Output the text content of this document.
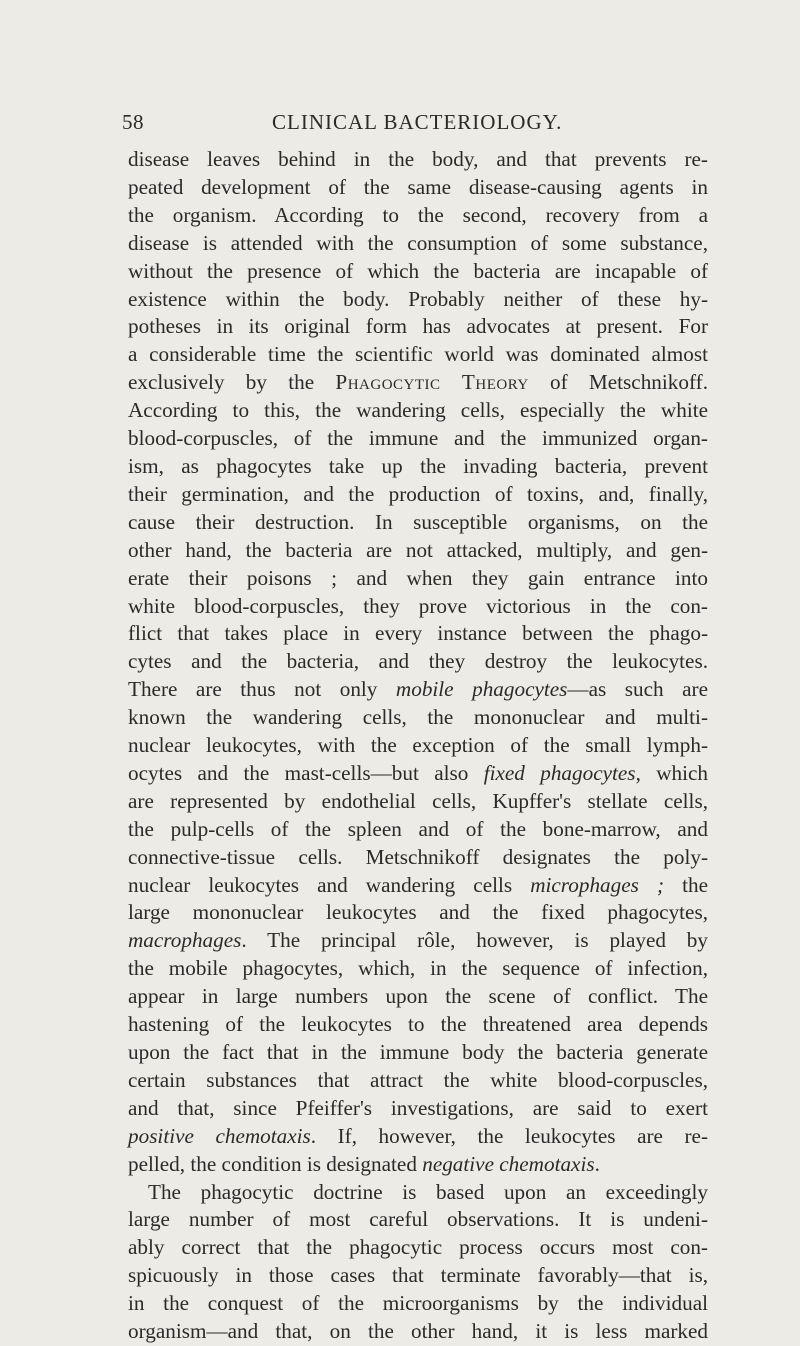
58	CLINICAL BACTERIOLOGY.
disease leaves behind in the body, and that prevents re-
peated development of the same disease-causing agents in
the organism. According to the second, recovery from a
disease is attended with the consumption of some substance,
without the presence of which the bacteria are incapable of
existence within the body. Probably neither of these hy-
potheses in its original form has advocates at present. For
a considerable time the scientific world was dominated almost
exclusively by the Phagocytic Theory of Metschnikoff.
According to this, the wandering cells, especially the white
blood-corpuscles, of the immune and the immunized organ-
ism, as phagocytes take up the invading bacteria, prevent
their germination, and the production of toxins, and, finally,
cause their destruction. In susceptible organisms, on the
other hand, the bacteria are not attacked, multiply, and gen-
erate their poisons ; and when they gain entrance into
white blood-corpuscles, they prove victorious in the con-
flict that takes place in every instance between the phago-
cytes and the bacteria, and they destroy the leukocytes.
There are thus not only mobile phagocytes—as such are
known the wandering cells, the mononuclear and multi-
nuclear leukocytes, with the exception of the small lymph-
ocytes and the mast-cells—but also fixed phagocytes, which
are represented by endothelial cells, Kupffer's stellate cells,
the pulp-cells of the spleen and of the bone-marrow, and
connective-tissue cells. Metschnikoff designates the poly-
nuclear leukocytes and wandering cells microphages ; the
large mononuclear leukocytes and the fixed phagocytes,
macrophages. The principal rôle, however, is played by
the mobile phagocytes, which, in the sequence of infection,
appear in large numbers upon the scene of conflict. The
hastening of the leukocytes to the threatened area depends
upon the fact that in the immune body the bacteria generate
certain substances that attract the white blood-corpuscles,
and that, since Pfeiffer's investigations, are said to exert
positive chemotaxis. If, however, the leukocytes are re-
pelled, the condition is designated negative chemotaxis.
The phagocytic doctrine is based upon an exceedingly
large number of most careful observations. It is undeni-
ably correct that the phagocytic process occurs most con-
spicuously in those cases that terminate favorably—that is,
in the conquest of the microorganisms by the individual
organism—and that, on the other hand, it is less marked
